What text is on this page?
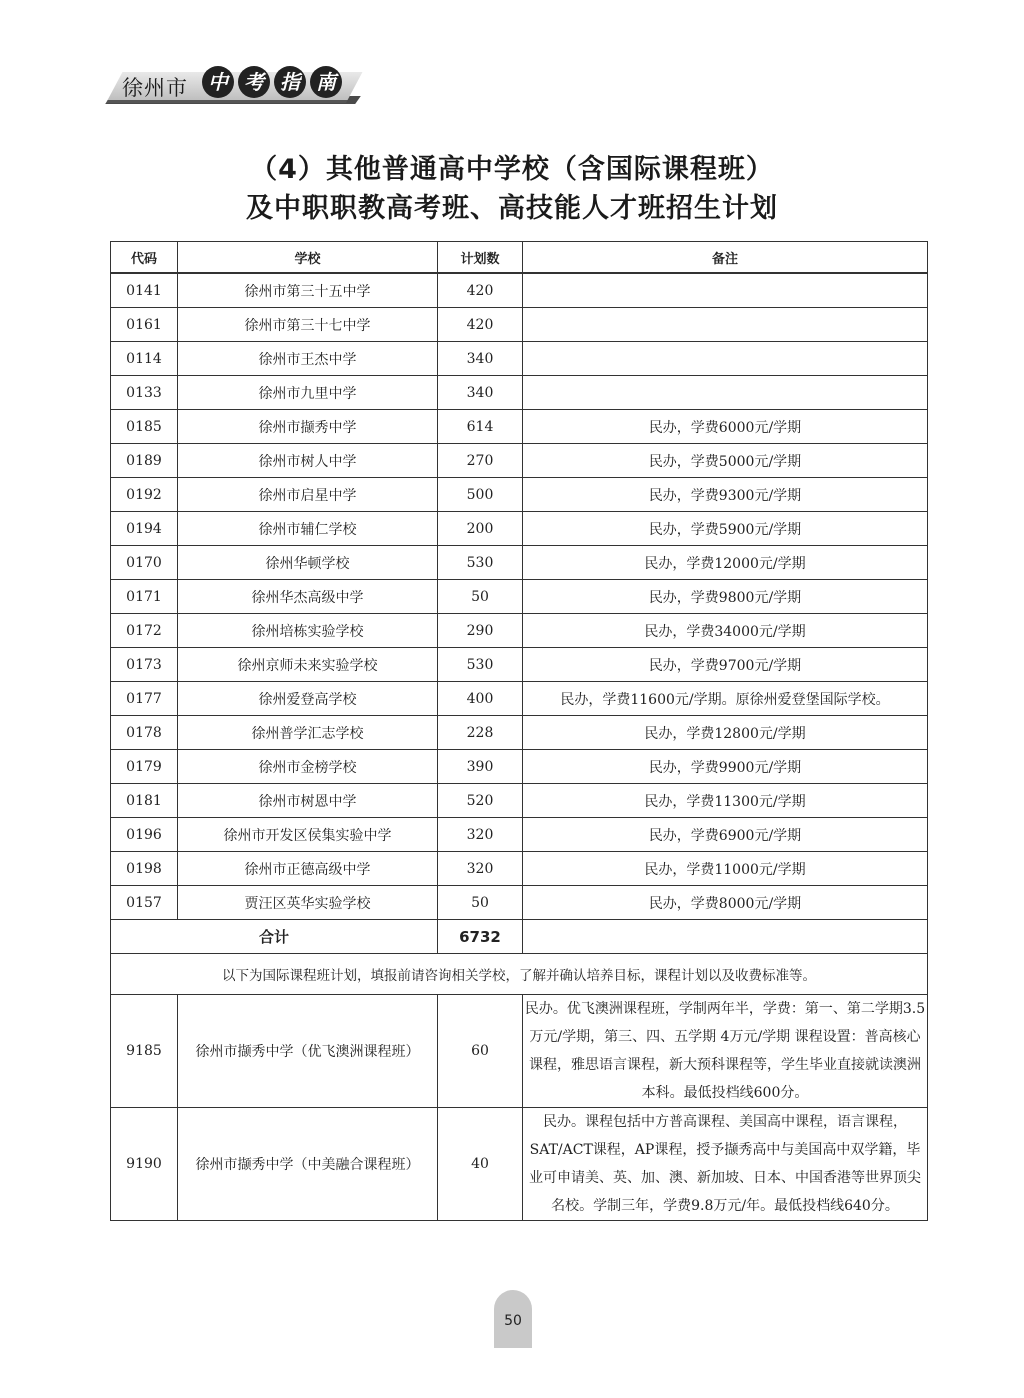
徐州市	中 考 指 南
（4）其他普通高中学校（含国际课程班）
及中职职教高考班、高技能人才班招生计划
代码	学校	计划数	备注
0141	徐州市第三十五中学	420	
0161	徐州市第三十七中学	420	
0114	徐州市王杰中学	340	
0133	徐州市九里中学	340	
0185	徐州市撷秀中学	614	民办，学费6000元/学期
0189	徐州市树人中学	270	民办，学费5000元/学期
0192	徐州市启星中学	500	民办，学费9300元/学期
0194	徐州市辅仁学校	200	民办，学费5900元/学期
0170	徐州华顿学校	530	民办，学费12000元/学期
0171	徐州华杰高级中学	50	民办，学费9800元/学期
0172	徐州培栋实验学校	290	民办，学费34000元/学期
0173	徐州京师未来实验学校	530	民办，学费9700元/学期
0177	徐州爱登高学校	400	民办，学费11600元/学期。原徐州爱登堡国际学校。
0178	徐州普学汇志学校	228	民办，学费12800元/学期
0179	徐州市金榜学校	390	民办，学费9900元/学期
0181	徐州市树恩中学	520	民办，学费11300元/学期
0196	徐州市开发区侯集实验中学	320	民办，学费6900元/学期
0198	徐州市正德高级中学	320	民办，学费11000元/学期
0157	贾汪区英华实验学校	50	民办，学费8000元/学期
合计		6732	
以下为国际课程班计划，填报前请咨询相关学校，了解并确认培养目标，课程计划以及收费标准等。			
9185	徐州市撷秀中学（优飞澳洲课程班）	60	民办。优飞澳洲课程班，学制两年半，学费：第一、第二学期3.5万元/学期，第三、四、五学期 4万元/学期 课程设置：普高核心课程，雅思语言课程，新大预科课程等，学生毕业直接就读澳洲本科。最低投档线600分。
9190	徐州市撷秀中学（中美融合课程班）	40	民办。课程包括中方普高课程、美国高中课程，语言课程，SAT/ACT课程，AP课程，授予撷秀高中与美国高中双学籍，毕业可申请美、英、加、澳、新加坡、日本、中国香港等世界顶尖名校。学制三年，学费9.8万元/年。最低投档线640分。
50
